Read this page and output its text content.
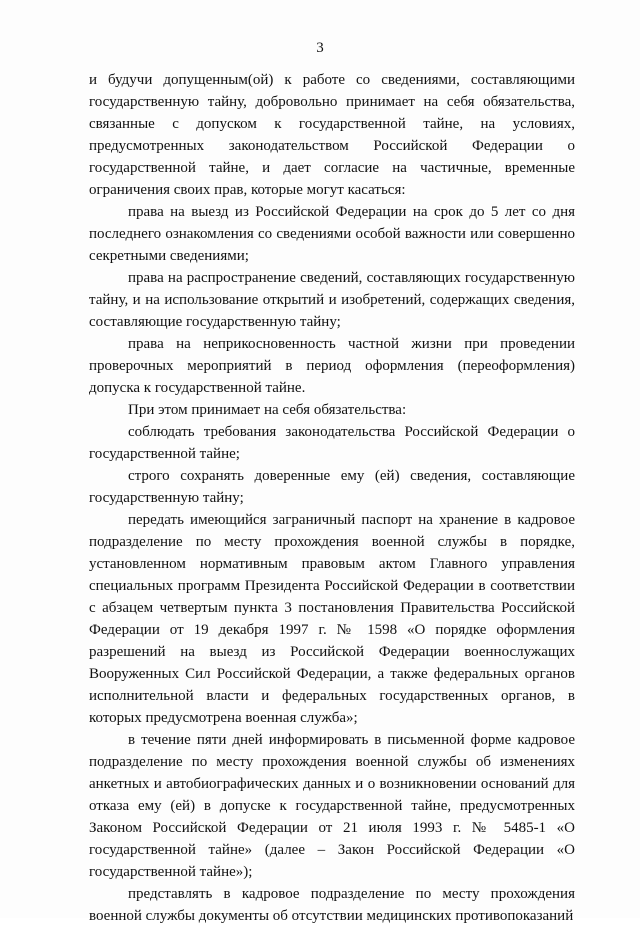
3

и будучи допущенным(ой) к работе со сведениями, составляющими государственную тайну, добровольно принимает на себя обязательства, связанные с допуском к государственной тайне, на условиях, предусмотренных законодательством Российской Федерации о государственной тайне, и дает согласие на частичные, временные ограничения своих прав, которые могут касаться:

права на выезд из Российской Федерации на срок до 5 лет со дня последнего ознакомления со сведениями особой важности или совершенно секретными сведениями;

права на распространение сведений, составляющих государственную тайну, и на использование открытий и изобретений, содержащих сведения, составляющие государственную тайну;

права на неприкосновенность частной жизни при проведении проверочных мероприятий в период оформления (переоформления) допуска к государственной тайне.

При этом принимает на себя обязательства:

соблюдать требования законодательства Российской Федерации о государственной тайне;

строго сохранять доверенные ему (ей) сведения, составляющие государственную тайну;

передать имеющийся заграничный паспорт на хранение в кадровое подразделение по месту прохождения военной службы в порядке, установленном нормативным правовым актом Главного управления специальных программ Президента Российской Федерации в соответствии с абзацем четвертым пункта 3 постановления Правительства Российской Федерации от 19 декабря 1997 г. № 1598 «О порядке оформления разрешений на выезд из Российской Федерации военнослужащих Вооруженных Сил Российской Федерации, а также федеральных органов исполнительной власти и федеральных государственных органов, в которых предусмотрена военная служба»;

в течение пяти дней информировать в письменной форме кадровое подразделение по месту прохождения военной службы об изменениях анкетных и автобиографических данных и о возникновении оснований для отказа ему (ей) в допуске к государственной тайне, предусмотренных Законом Российской Федерации от 21 июля 1993 г. № 5485-1 «О государственной тайне» (далее – Закон Российской Федерации «О государственной тайне»);

представлять в кадровое подразделение по месту прохождения военной службы документы об отсутствии медицинских противопоказаний
